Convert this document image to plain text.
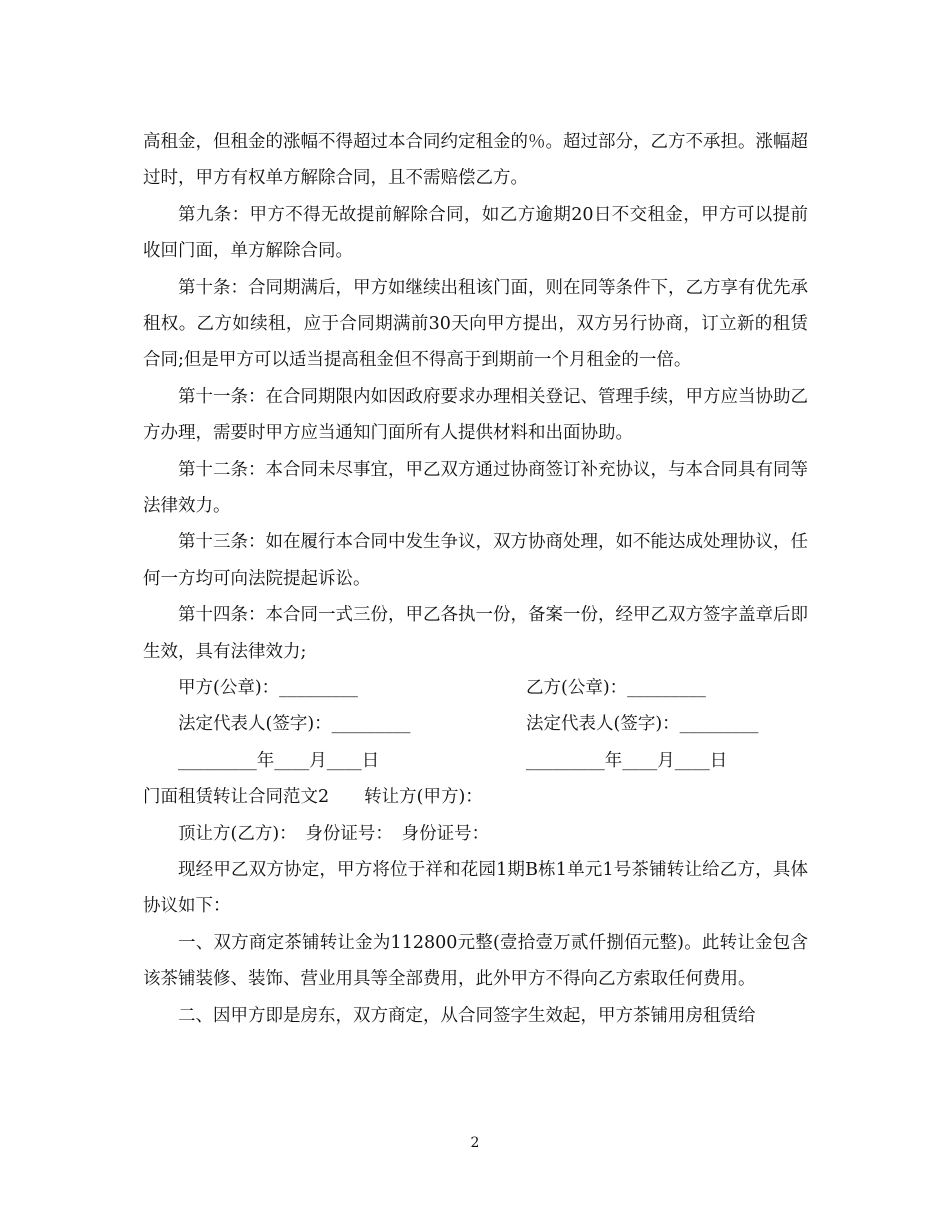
高租金，但租金的涨幅不得超过本合同约定租金的％。超过部分，乙方不承担。涨幅超过时，甲方有权单方解除合同，且不需赔偿乙方。

第九条：甲方不得无故提前解除合同，如乙方逾期20日不交租金，甲方可以提前收回门面，单方解除合同。

第十条：合同期满后，甲方如继续出租该门面，则在同等条件下，乙方享有优先承租权。乙方如续租，应于合同期满前30天向甲方提出，双方另行协商，订立新的租赁合同;但是甲方可以适当提高租金但不得高于到期前一个月租金的一倍。

第十一条：在合同期限内如因政府要求办理相关登记、管理手续，甲方应当协助乙方办理，需要时甲方应当通知门面所有人提供材料和出面协助。

第十二条：本合同未尽事宜，甲乙双方通过协商签订补充协议，与本合同具有同等法律效力。

第十三条：如在履行本合同中发生争议，双方协商处理，如不能达成处理协议，任何一方均可向法院提起诉讼。

第十四条：本合同一式三份，甲乙各执一份，备案一份，经甲乙双方签字盖章后即生效，具有法律效力;

甲方(公章)：_________	乙方(公章)：_________
法定代表人(签字)：_________	法定代表人(签字)：_________
_________年____月____日	_________年____月____日

门面租赁转让合同范文2　　转让方(甲方)：

顶让方(乙方)：　身份证号：　身份证号：

现经甲乙双方协定，甲方将位于祥和花园1期B栋1单元1号茶铺转让给乙方，具体协议如下：

一、双方商定茶铺转让金为112800元整(壹拾壹万贰仟捌佰元整)。此转让金包含该茶铺装修、装饰、营业用具等全部费用，此外甲方不得向乙方索取任何费用。

二、因甲方即是房东，双方商定，从合同签字生效起，甲方茶铺用房租赁给

2
